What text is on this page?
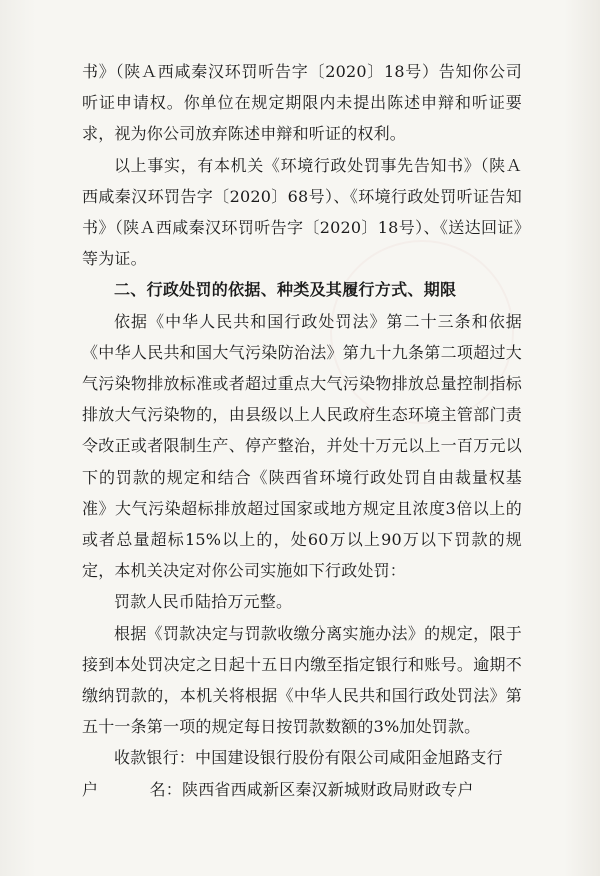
书》（陕Ａ西咸秦汉环罚听告字〔2020〕18号）告知你公司听证申请权。你单位在规定期限内未提出陈述申辩和听证要求，视为你公司放弃陈述申辩和听证的权利。

以上事实，有本机关《环境行政处罚事先告知书》（陕Ａ西咸秦汉环罚告字〔2020〕68号）、《环境行政处罚听证告知书》（陕Ａ西咸秦汉环罚听告字〔2020〕18号）、《送达回证》等为证。

二、行政处罚的依据、种类及其履行方式、期限

依据《中华人民共和国行政处罚法》第二十三条和依据《中华人民共和国大气污染防治法》第九十九条第二项超过大气污染物排放标准或者超过重点大气污染物排放总量控制指标排放大气污染物的，由县级以上人民政府生态环境主管部门责令改正或者限制生产、停产整治，并处十万元以上一百万元以下的罚款的规定和结合《陕西省环境行政处罚自由裁量权基准》大气污染超标排放超过国家或地方规定且浓度3倍以上的或者总量超标15%以上的，处60万以上90万以下罚款的规定，本机关决定对你公司实施如下行政处罚：

罚款人民币陆拾万元整。

根据《罚款决定与罚款收缴分离实施办法》的规定，限于接到本处罚决定之日起十五日内缴至指定银行和账号。逾期不缴纳罚款的，本机关将根据《中华人民共和国行政处罚法》第五十一条第一项的规定每日按罚款数额的3%加处罚款。

收款银行： 中国建设银行股份有限公司咸阳金旭路支行
户	名： 陕西省西咸新区秦汉新城财政局财政专户
